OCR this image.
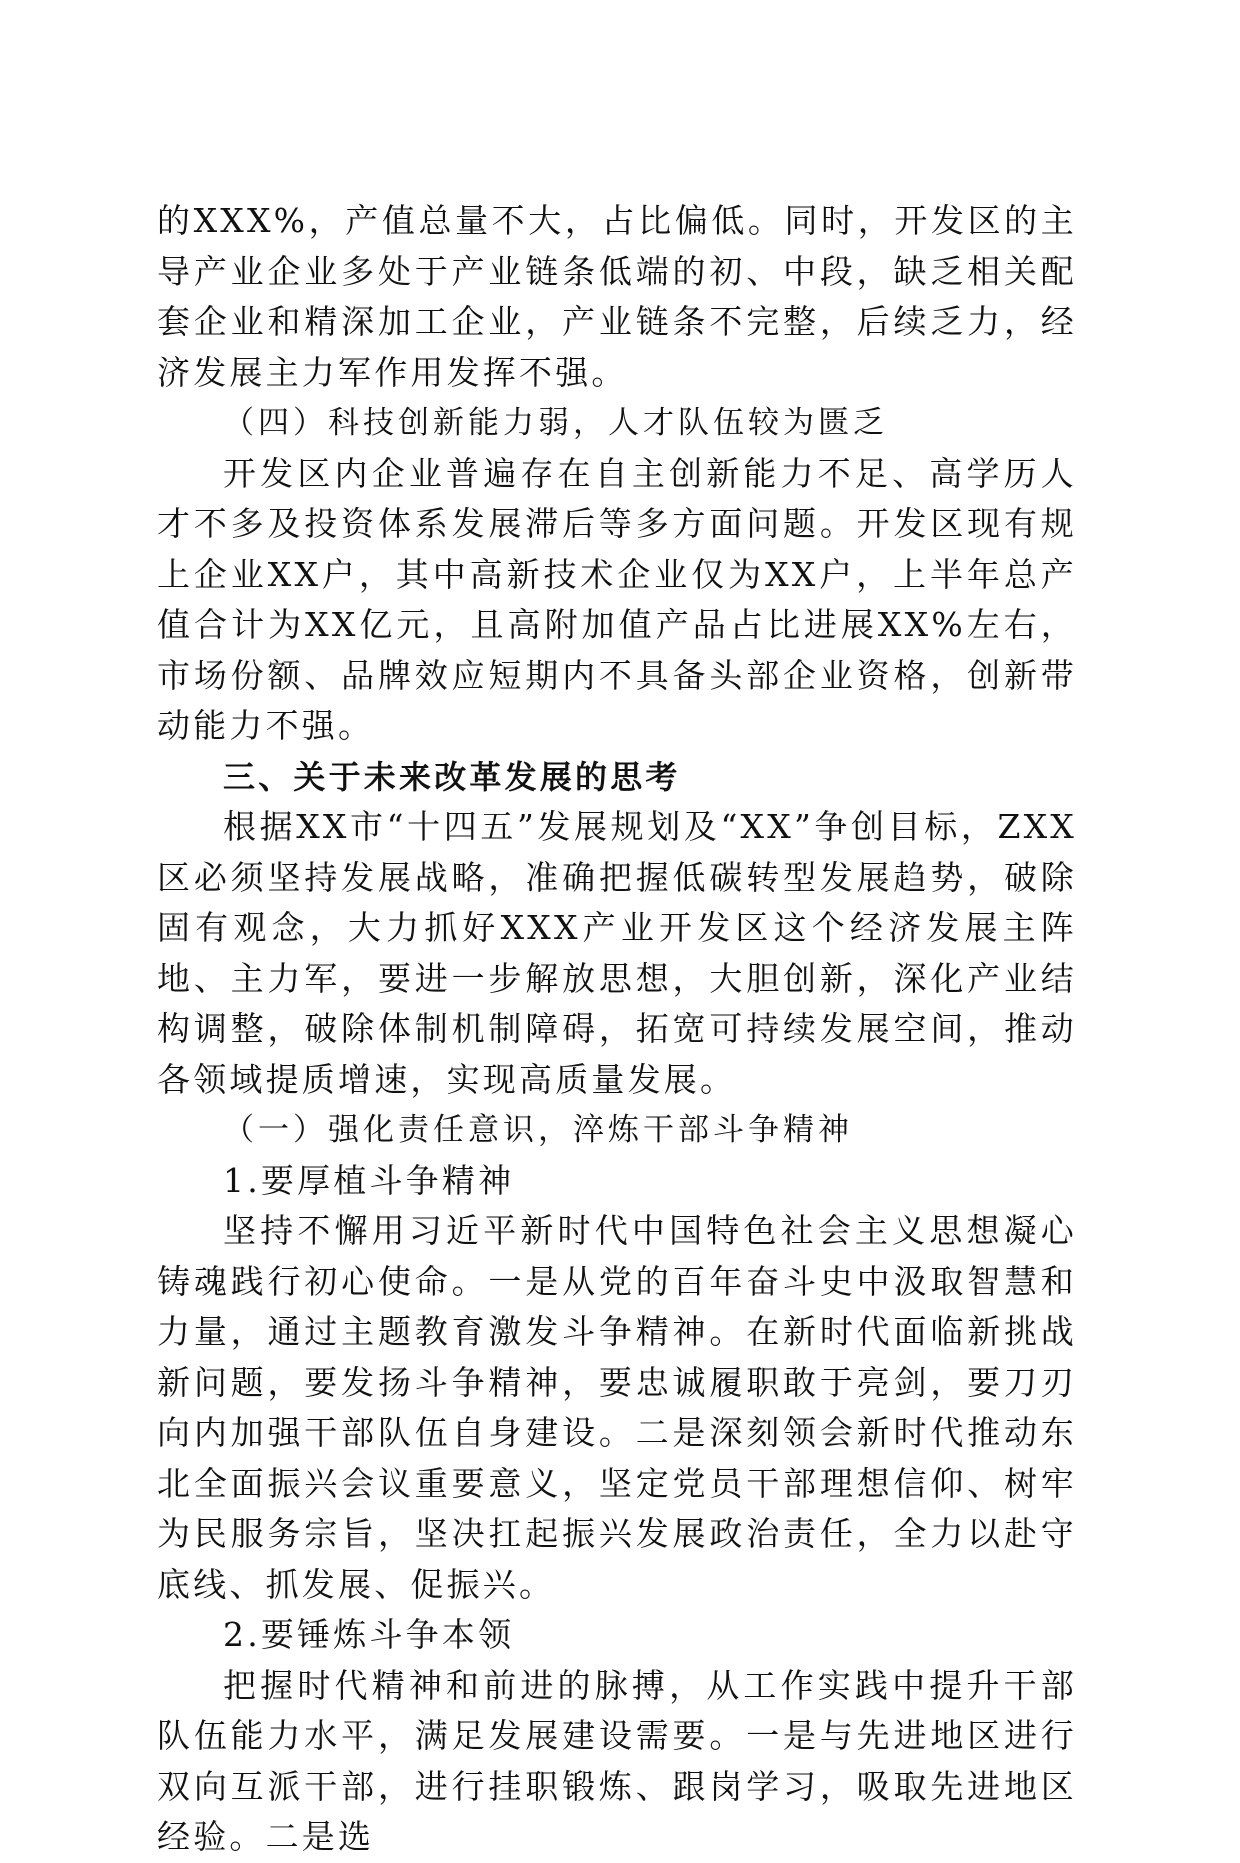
的XXX%，产值总量不大，占比偏低。同时，开发区的主导产业企业多处于产业链条低端的初、中段，缺乏相关配套企业和精深加工企业，产业链条不完整，后续乏力，经济发展主力军作用发挥不强。

（四）科技创新能力弱，人才队伍较为匮乏

开发区内企业普遍存在自主创新能力不足、高学历人才不多及投资体系发展滞后等多方面问题。开发区现有规上企业XX户，其中高新技术企业仅为XX户，上半年总产值合计为XX亿元，且高附加值产品占比进展XX%左右，市场份额、品牌效应短期内不具备头部企业资格，创新带动能力不强。

三、关于未来改革发展的思考

根据XX市“十四五”发展规划及“XX”争创目标，ZXX区必须坚持发展战略，准确把握低碳转型发展趋势，破除固有观念，大力抓好XXX产业开发区这个经济发展主阵地、主力军，要进一步解放思想，大胆创新，深化产业结构调整，破除体制机制障碍，拓宽可持续发展空间，推动各领域提质增速，实现高质量发展。

（一）强化责任意识，淬炼干部斗争精神

1.要厚植斗争精神

坚持不懈用习近平新时代中国特色社会主义思想凝心铸魂践行初心使命。一是从党的百年奋斗史中汲取智慧和力量，通过主题教育激发斗争精神。在新时代面临新挑战新问题，要发扬斗争精神，要忠诚履职敢于亮剑，要刀刃向内加强干部队伍自身建设。二是深刻领会新时代推动东北全面振兴会议重要意义，坚定党员干部理想信仰、树牢为民服务宗旨，坚决扛起振兴发展政治责任，全力以赴守底线、抓发展、促振兴。

2.要锤炼斗争本领

把握时代精神和前进的脉搏，从工作实践中提升干部队伍能力水平，满足发展建设需要。一是与先进地区进行双向互派干部，进行挂职锻炼、跟岗学习，吸取先进地区经验。二是选
